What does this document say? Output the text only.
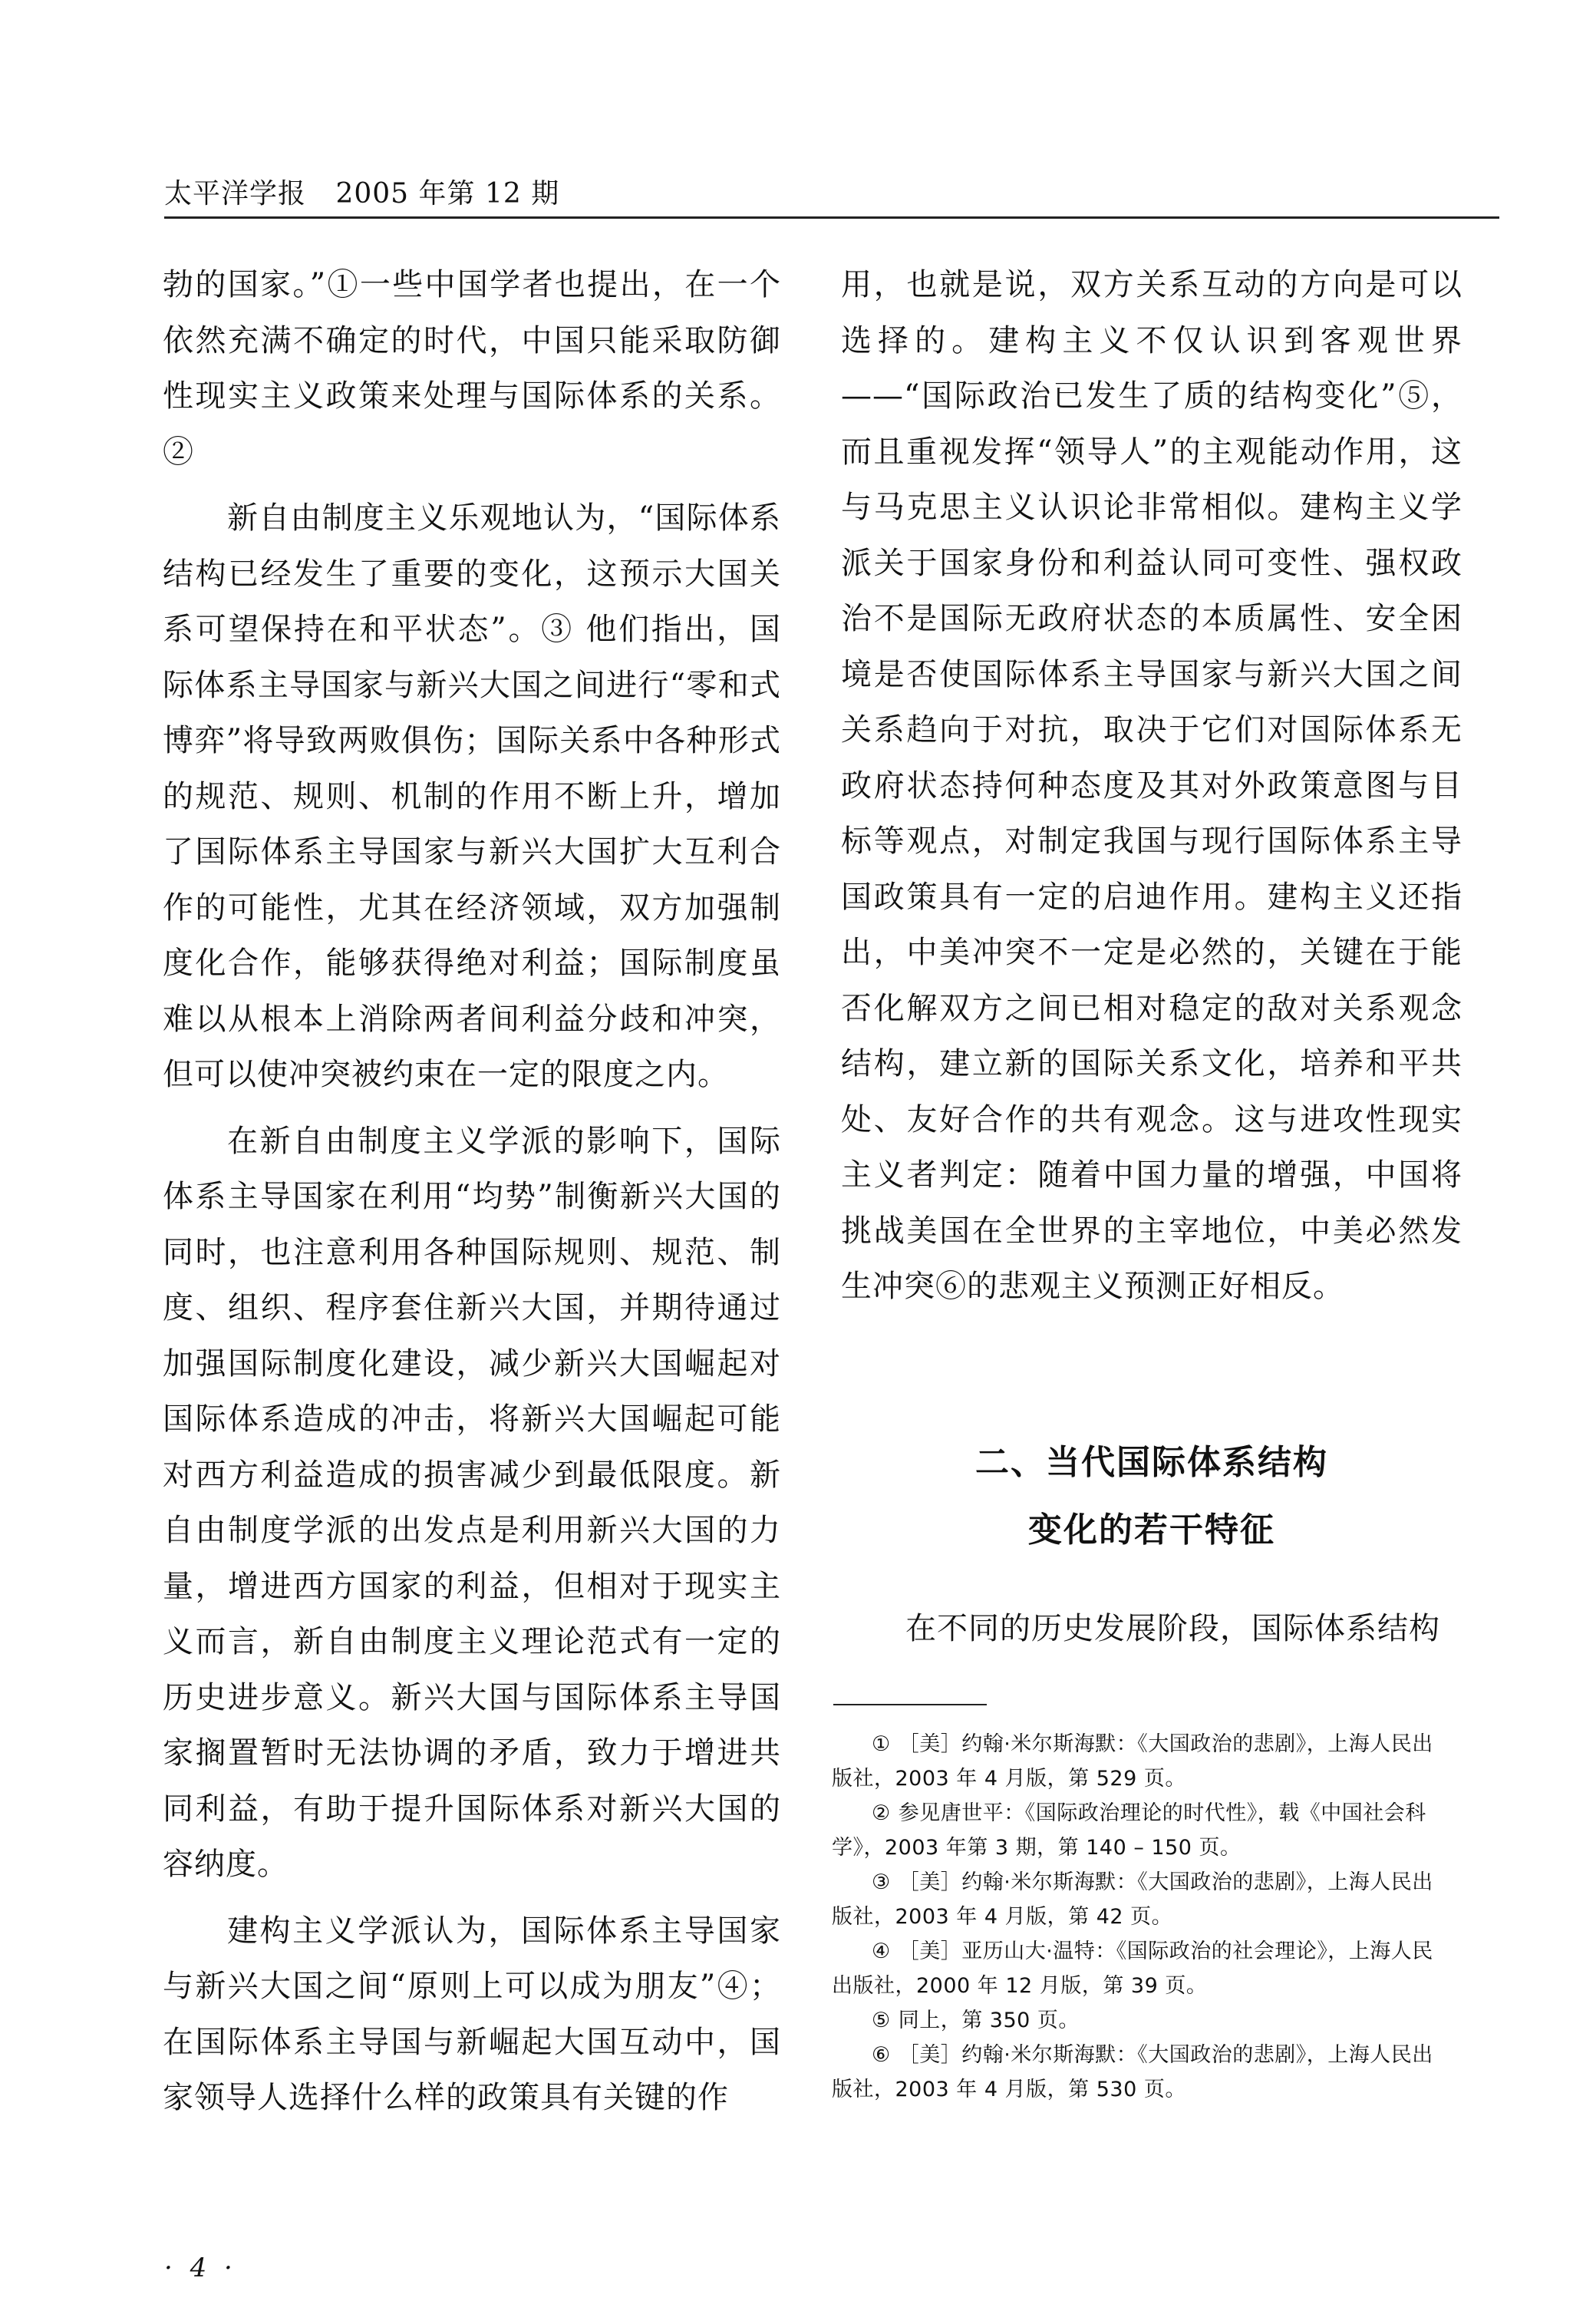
太平洋学报 2005 年第 12 期

勃的国家。”①一些中国学者也提出，在一个依然充满不确定的时代，中国只能采取防御性现实主义政策来处理与国际体系的关系。②

新自由制度主义乐观地认为，“国际体系结构已经发生了重要的变化，这预示大国关系可望保持在和平状态”。③ 他们指出，国际体系主导国家与新兴大国之间进行“零和式博弈”将导致两败俱伤；国际关系中各种形式的规范、规则、机制的作用不断上升，增加了国际体系主导国家与新兴大国扩大互利合作的可能性，尤其在经济领域，双方加强制度化合作，能够获得绝对利益；国际制度虽难以从根本上消除两者间利益分歧和冲突，但可以使冲突被约束在一定的限度之内。

在新自由制度主义学派的影响下，国际体系主导国家在利用“均势”制衡新兴大国的同时，也注意利用各种国际规则、规范、制度、组织、程序套住新兴大国，并期待通过加强国际制度化建设，减少新兴大国崛起对国际体系造成的冲击，将新兴大国崛起可能对西方利益造成的损害减少到最低限度。新自由制度学派的出发点是利用新兴大国的力量，增进西方国家的利益，但相对于现实主义而言，新自由制度主义理论范式有一定的历史进步意义。新兴大国与国际体系主导国家搁置暂时无法协调的矛盾，致力于增进共同利益，有助于提升国际体系对新兴大国的容纳度。

建构主义学派认为，国际体系主导国家与新兴大国之间“原则上可以成为朋友”④；在国际体系主导国与新崛起大国互动中，国家领导人选择什么样的政策具有关键的作

用，也就是说，双方关系互动的方向是可以选择的。建构主义不仅认识到客观世界——“国际政治已发生了质的结构变化”⑤，而且重视发挥“领导人”的主观能动作用，这与马克思主义认识论非常相似。建构主义学派关于国家身份和利益认同可变性、强权政治不是国际无政府状态的本质属性、安全困境是否使国际体系主导国家与新兴大国之间关系趋向于对抗，取决于它们对国际体系无政府状态持何种态度及其对外政策意图与目标等观点，对制定我国与现行国际体系主导国政策具有一定的启迪作用。建构主义还指出，中美冲突不一定是必然的，关键在于能否化解双方之间已相对稳定的敌对关系观念结构，建立新的国际关系文化，培养和平共处、友好合作的共有观念。这与进攻性现实主义者判定：随着中国力量的增强，中国将挑战美国在全世界的主宰地位，中美必然发生冲突⑥的悲观主义预测正好相反。

二、当代国际体系结构
变化的若干特征

在不同的历史发展阶段，国际体系结构

① ［美］约翰·米尔斯海默：《大国政治的悲剧》，上海人民出版社，2003 年 4 月版，第 529 页。

② 参见唐世平：《国际政治理论的时代性》，载《中国社会科学》，2003 年第 3 期，第 140 – 150 页。

③ ［美］约翰·米尔斯海默：《大国政治的悲剧》，上海人民出版社，2003 年 4 月版，第 42 页。

④ ［美］亚历山大·温特：《国际政治的社会理论》，上海人民出版社，2000 年 12 月版，第 39 页。

⑤ 同上，第 350 页。

⑥ ［美］约翰·米尔斯海默：《大国政治的悲剧》，上海人民出版社，2003 年 4 月版，第 530 页。

· 4 ·
